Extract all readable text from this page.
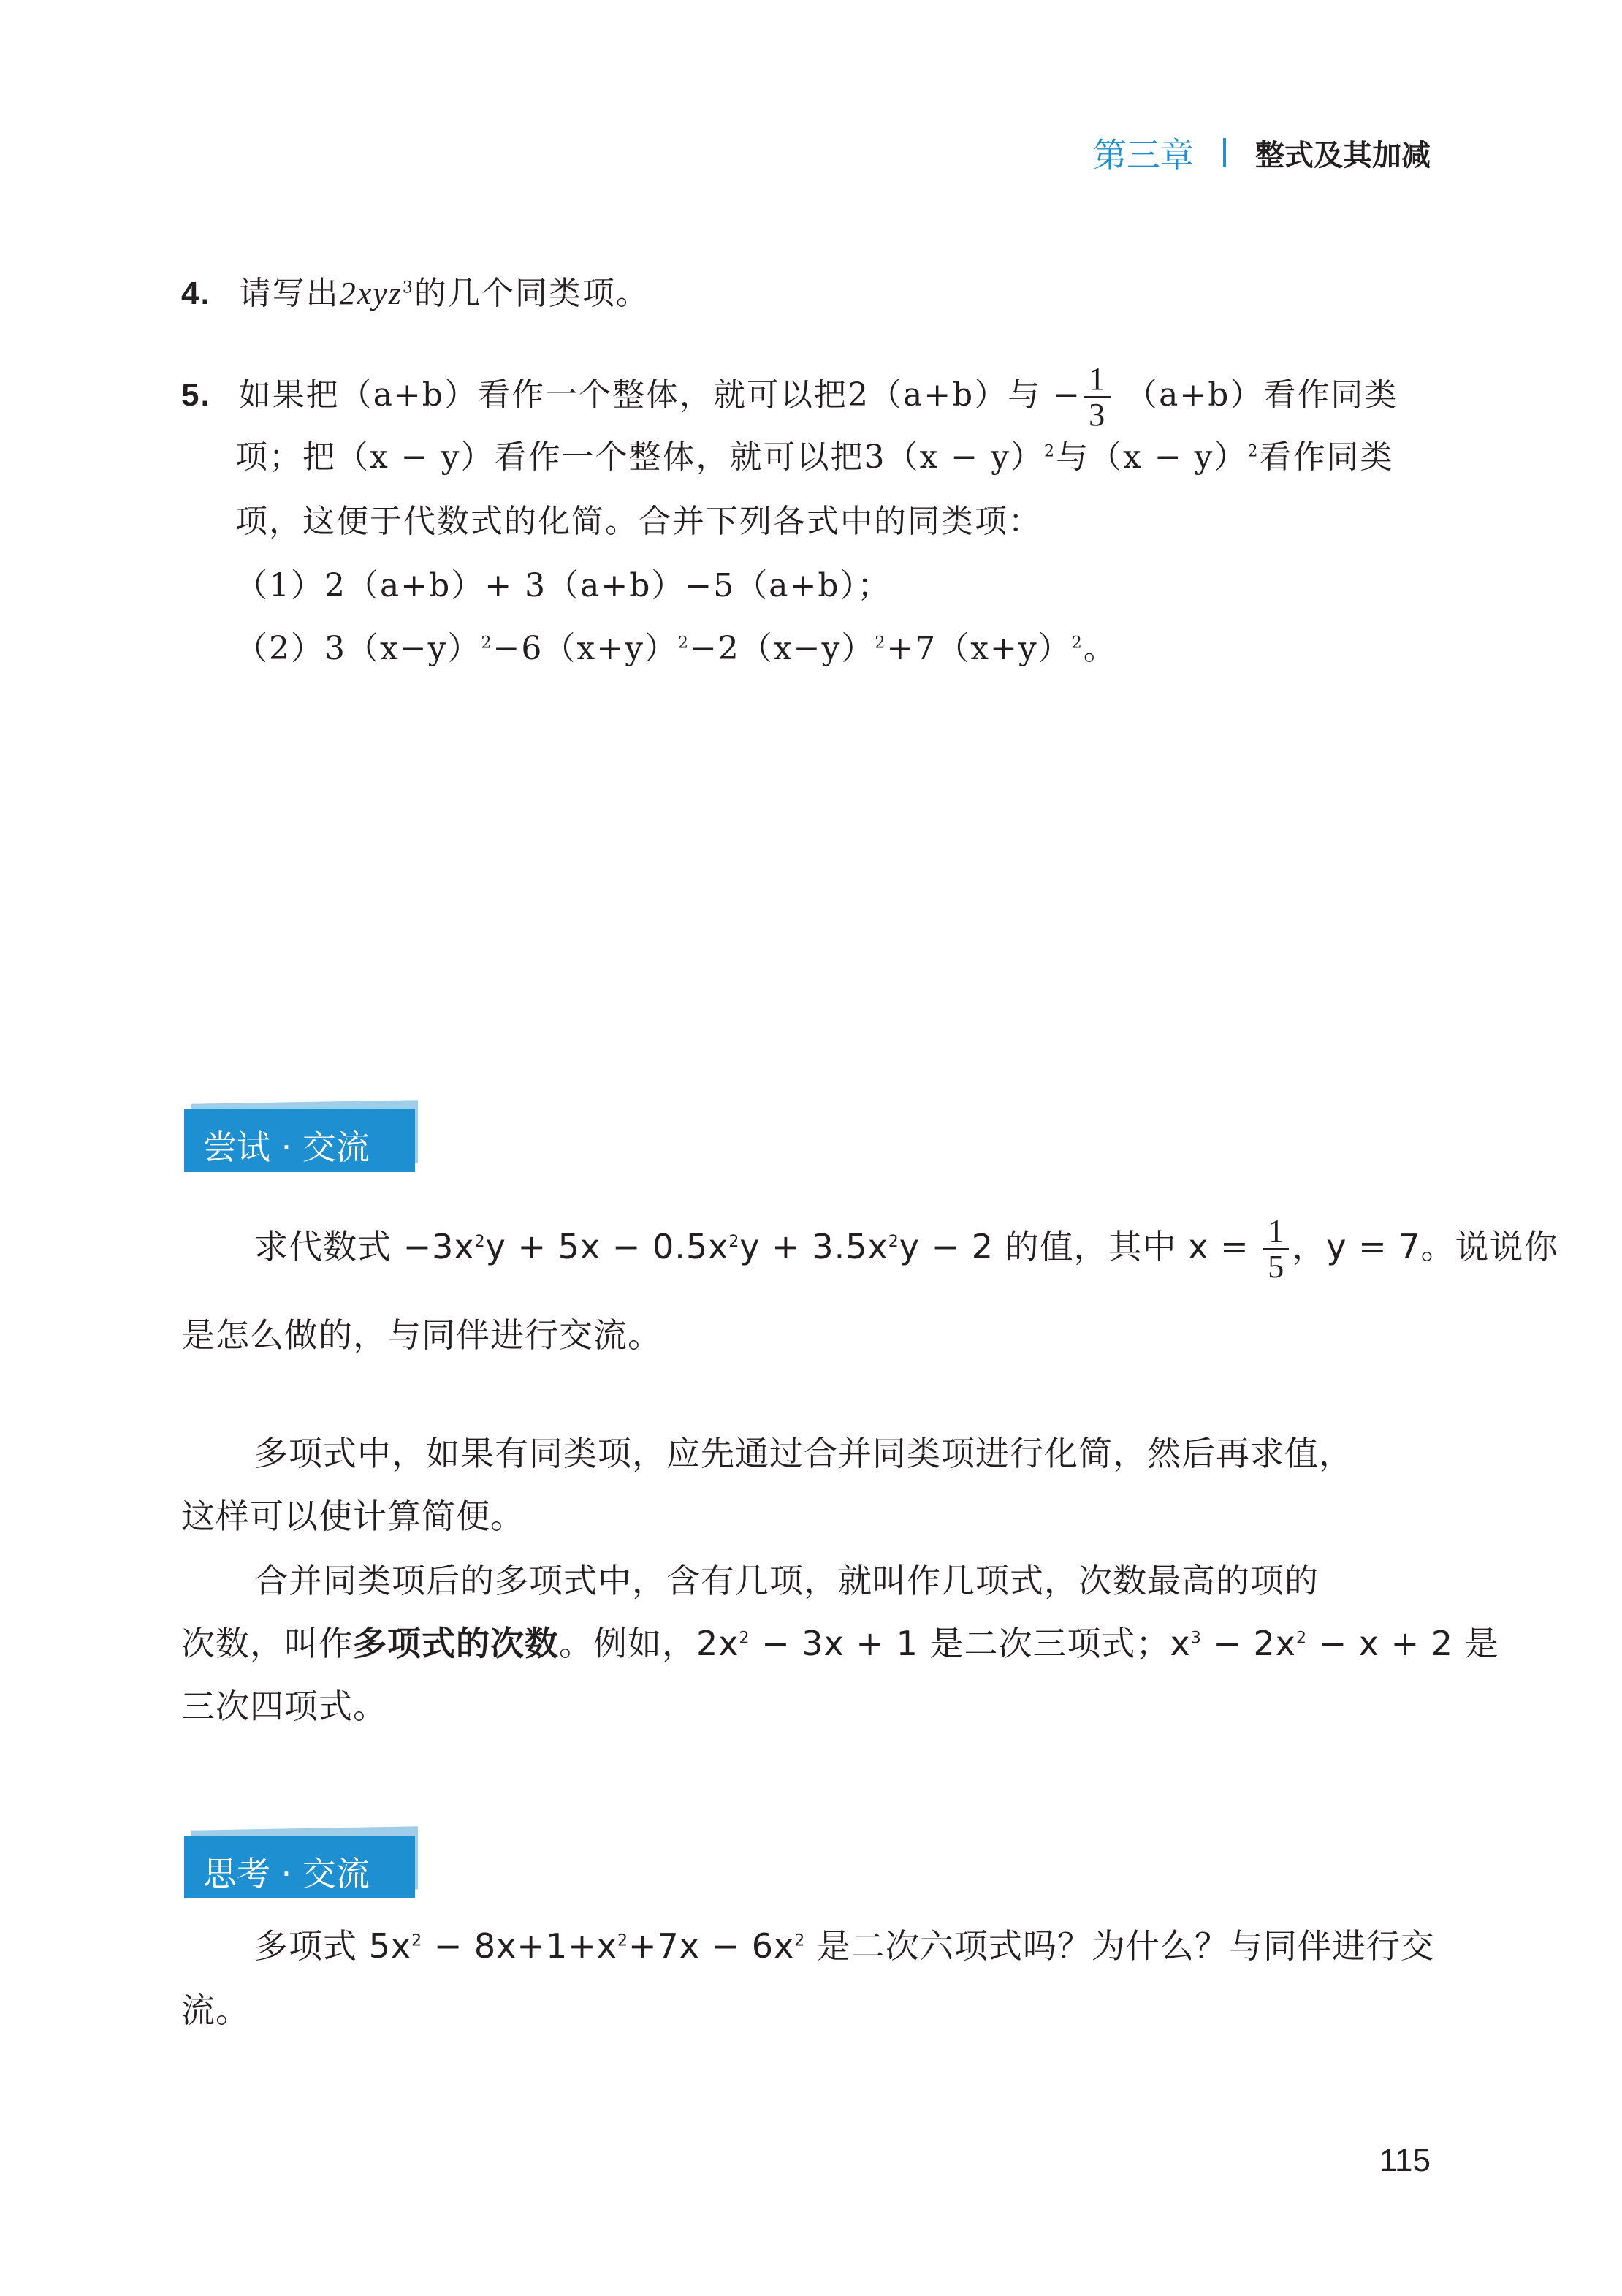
第三章 整式及其加减
4. 请写出2xyz$^3$的几个同类项。
5. 如果把（a+b）看作一个整体，就可以把2（a+b）与 − $\frac{1}{3} (a+b)$看作同类
项；把（x − y）看作一个整体，就可以把$3(x - y)^2$与$(x - y)^2$看作同类
项，这便于代数式的化简。合并下列各式中的同类项：
（1）2（a+b）+ 3（a+b）−5（a+b）；
$(2)3(x-y)^2-6(x+y)^2-2(x-y)^2+7(x+y)^2$。
尝试 · 交流
求代数式 $-3x^2y + 5x - 0.5x^2y + 3.5x^2y - 2$ 的值，其中 $x = \frac{1}{5}$ ，y = 7。说说你
是怎么做的，与同伴进行交流。
多项式中，如果有同类项，应先通过合并同类项进行化简，然后再求值，
这样可以使计算简便。
合并同类项后的多项式中，含有几项，就叫作几项式，次数最高的项的
次数，叫作多项式的次数。例如，$2x^2 - 3x + 1$ 是二次三项式；$x^3 - 2x^2 - x + 2$ 是
三次四项式。
思考 · 交流
多项式 $5x^2 - 8x+1+x^2+7x - 6x^2$ 是二次六项式吗？为什么？与同伴进行交
流。
115
